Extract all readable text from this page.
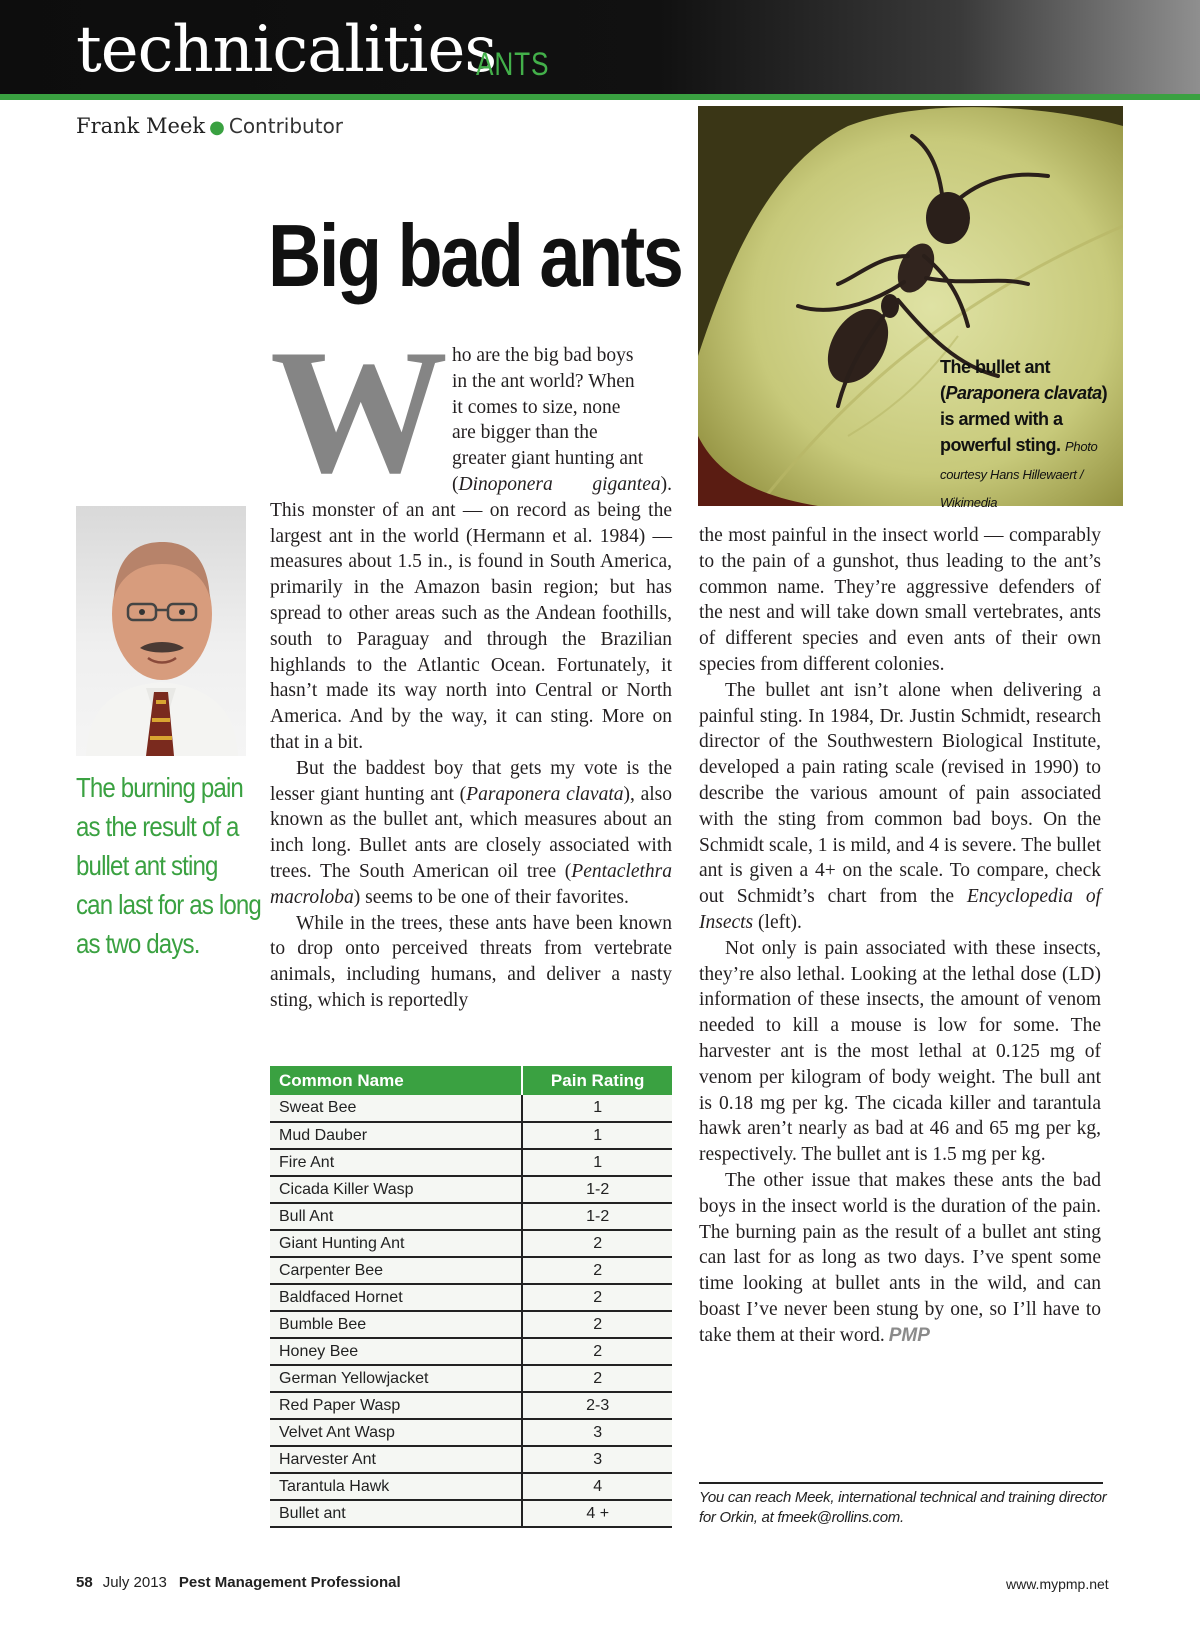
technicalities
ANTS
Frank Meek ● Contributor
Big bad ants
The burning pain
as the result of a
bullet ant sting
can last for as long
as two days.

W ho are the big bad boys
in the ant world? When
it comes to size, none
are bigger than the
greater giant hunting ant
(Dinoponera gigantea). This monster of an ant — on record as being the largest ant in the world (Hermann et al. 1984) — measures about 1.5 in., is found in South America, primarily in the Amazon basin region; but has spread to other areas such as the Andean foothills, south to Paraguay and through the Brazilian highlands to the Atlantic Ocean. Fortunately, it hasn’t made its way north into Central or North America. And by the way, it can sting. More on that in a bit.

But the baddest boy that gets my vote is the lesser giant hunting ant (Paraponera clavata), also known as the bullet ant, which measures about an inch long. Bullet ants are closely associated with trees. The South American oil tree (Pentaclethra macroloba) seems to be one of their favorites.

While in the trees, these ants have been known to drop onto perceived threats from vertebrate animals, including humans, and deliver a nasty sting, which is reportedly

The bullet ant (Paraponera clavata) is armed with a powerful sting. Photo courtesy Hans Hillewaert / Wikimedia

the most painful in the insect world — comparably to the pain of a gunshot, thus leading to the ant’s common name. They’re aggressive defenders of the nest and will take down small vertebrates, ants of different species and even ants of their own species from different colonies.

The bullet ant isn’t alone when delivering a painful sting. In 1984, Dr. Justin Schmidt, research director of the Southwestern Biological Institute, developed a pain rating scale (revised in 1990) to describe the various amount of pain associated with the sting from common bad boys. On the Schmidt scale, 1 is mild, and 4 is severe. The bullet ant is given a 4+ on the scale. To compare, check out Schmidt’s chart from the Encyclopedia of Insects (left).

Not only is pain associated with these insects, they’re also lethal. Looking at the lethal dose (LD) information of these insects, the amount of venom needed to kill a mouse is low for some. The harvester ant is the most lethal at 0.125 mg of venom per kilogram of body weight. The bull ant is 0.18 mg per kg. The cicada killer and tarantula hawk aren’t nearly as bad at 46 and 65 mg per kg, respectively. The bullet ant is 1.5 mg per kg.

The other issue that makes these ants the bad boys in the insect world is the duration of the pain. The burning pain as the result of a bullet ant sting can last for as long as two days. I’ve spent some time looking at bullet ants in the wild, and can boast I’ve never been stung by one, so I’ll have to take them at their word. PMP

You can reach Meek, international technical and training director for Orkin, at fmeek@rollins.com.
Common Name	Pain Rating
Sweat Bee	1
Mud Dauber	1
Fire Ant	1
Cicada Killer Wasp	1-2
Bull Ant	1-2
Giant Hunting Ant	2
Carpenter Bee	2
Baldfaced Hornet	2
Bumble Bee	2
Honey Bee	2
German Yellowjacket	2
Red Paper Wasp	2-3
Velvet Ant Wasp	3
Harvester Ant	3
Tarantula Hawk	4
Bullet ant	4 +
58 July 2013 Pest Management Professional	www.mypmp.net
